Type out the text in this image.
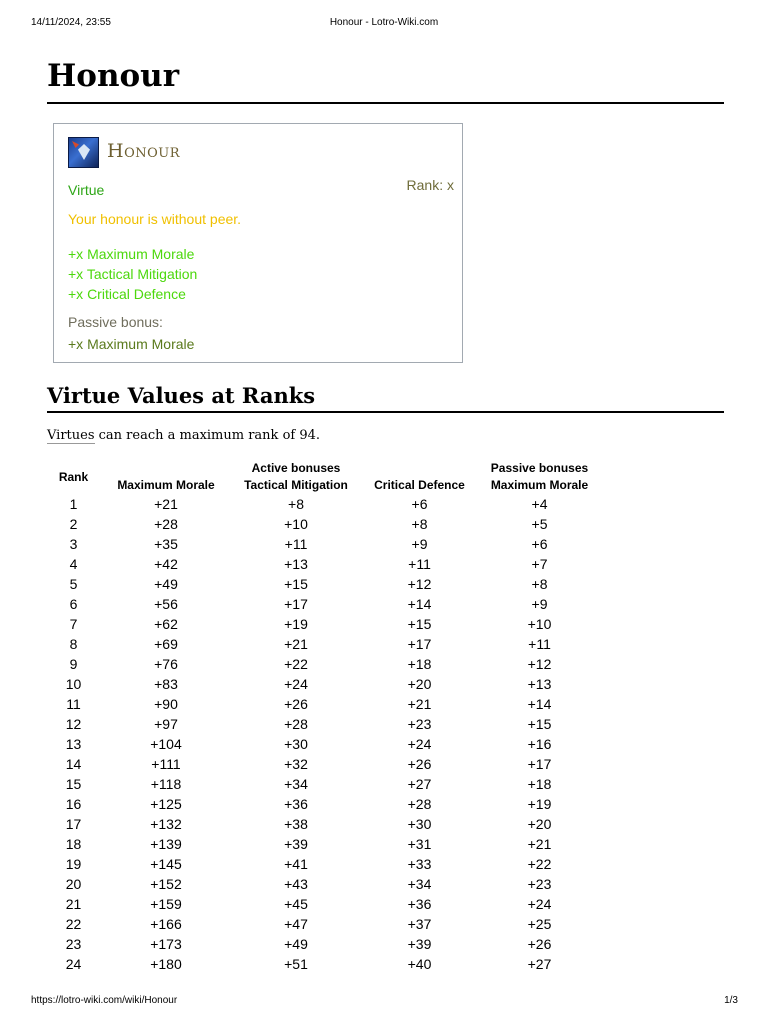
14/11/2024, 23:55	Honour - Lotro-Wiki.com
Honour
Honour
Virtue	Rank: x
Your honour is without peer.
+x Maximum Morale
+x Tactical Mitigation
+x Critical Defence
Passive bonus:
+x Maximum Morale
Virtue Values at Ranks
Virtues can reach a maximum rank of 94.
Rank		Active bonuses		Passive bonuses
	Maximum Morale	Tactical Mitigation	Critical Defence	Maximum Morale
1	+21	+8	+6	+4
2	+28	+10	+8	+5
3	+35	+11	+9	+6
4	+42	+13	+11	+7
5	+49	+15	+12	+8
6	+56	+17	+14	+9
7	+62	+19	+15	+10
8	+69	+21	+17	+11
9	+76	+22	+18	+12
10	+83	+24	+20	+13
11	+90	+26	+21	+14
12	+97	+28	+23	+15
13	+104	+30	+24	+16
14	+111	+32	+26	+17
15	+118	+34	+27	+18
16	+125	+36	+28	+19
17	+132	+38	+30	+20
18	+139	+39	+31	+21
19	+145	+41	+33	+22
20	+152	+43	+34	+23
21	+159	+45	+36	+24
22	+166	+47	+37	+25
23	+173	+49	+39	+26
24	+180	+51	+40	+27
https://lotro-wiki.com/wiki/Honour	1/3
